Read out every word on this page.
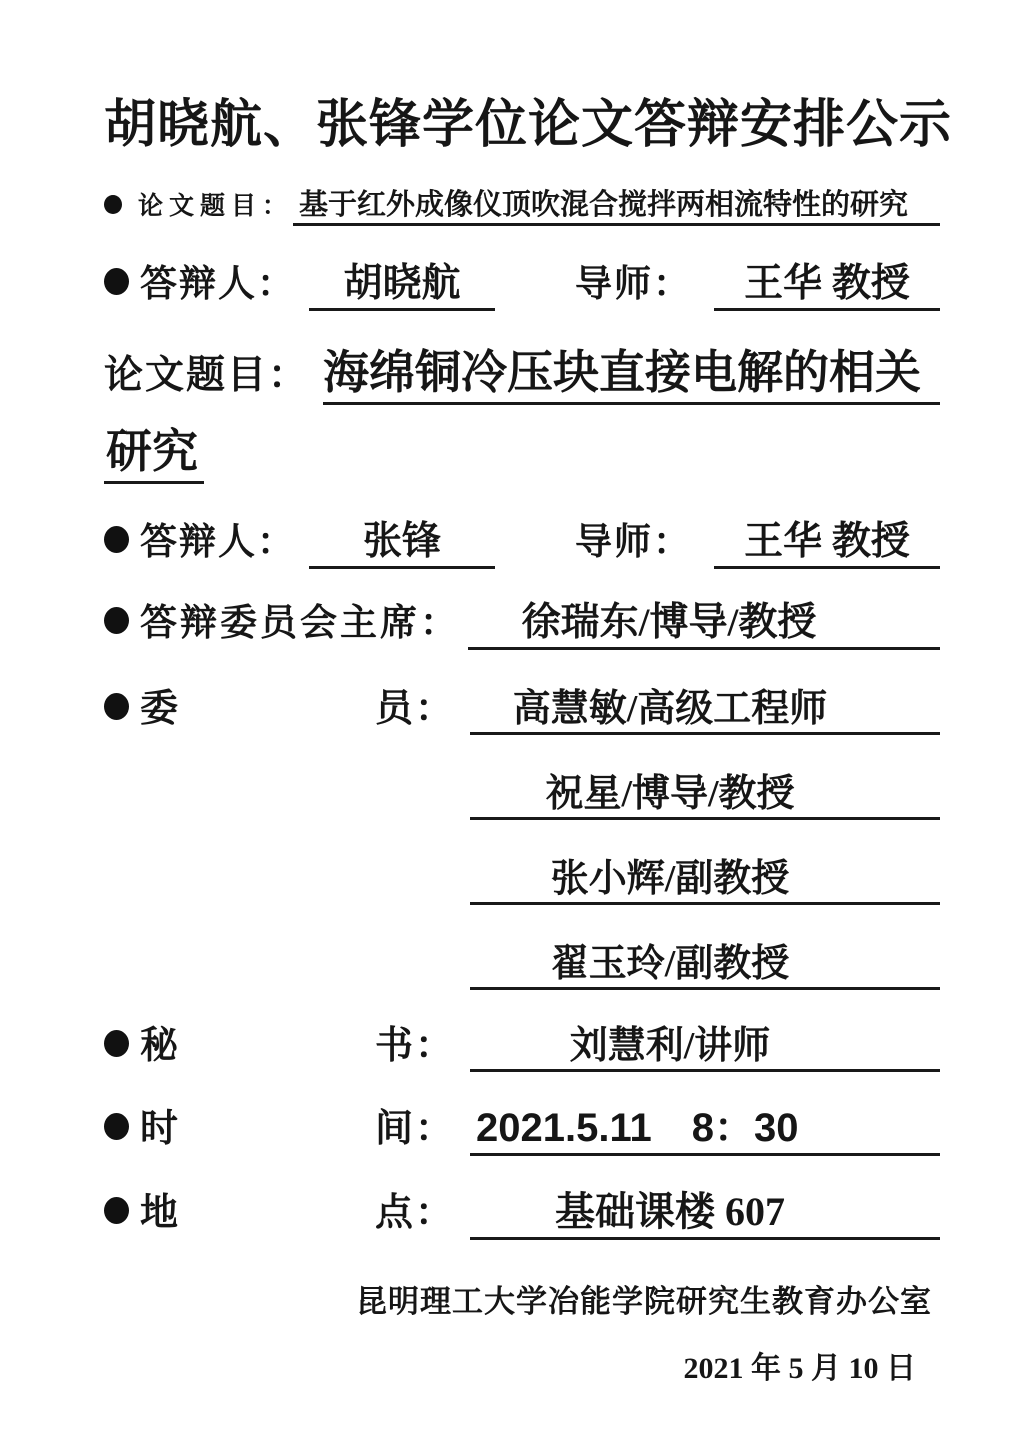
胡晓航、张锋学位论文答辩安排公示
论文题目： 基于红外成像仪顶吹混合搅拌两相流特性的研究
答辩人：	胡晓航	导师：	王华 教授
论文题目： 海绵铜冷压块直接电解的相关
研究
答辩人：	张锋	导师：	王华 教授
答辩委员会主席：	徐瑞东/博导/教授
委	员：	高慧敏/高级工程师
祝星/博导/教授
张小辉/副教授
翟玉玲/副教授
秘	书：	刘慧利/讲师
时	间： 2021.5.11　8：30
地	点：	基础课楼 607
昆明理工大学冶能学院研究生教育办公室
2021 年 5 月 10 日
